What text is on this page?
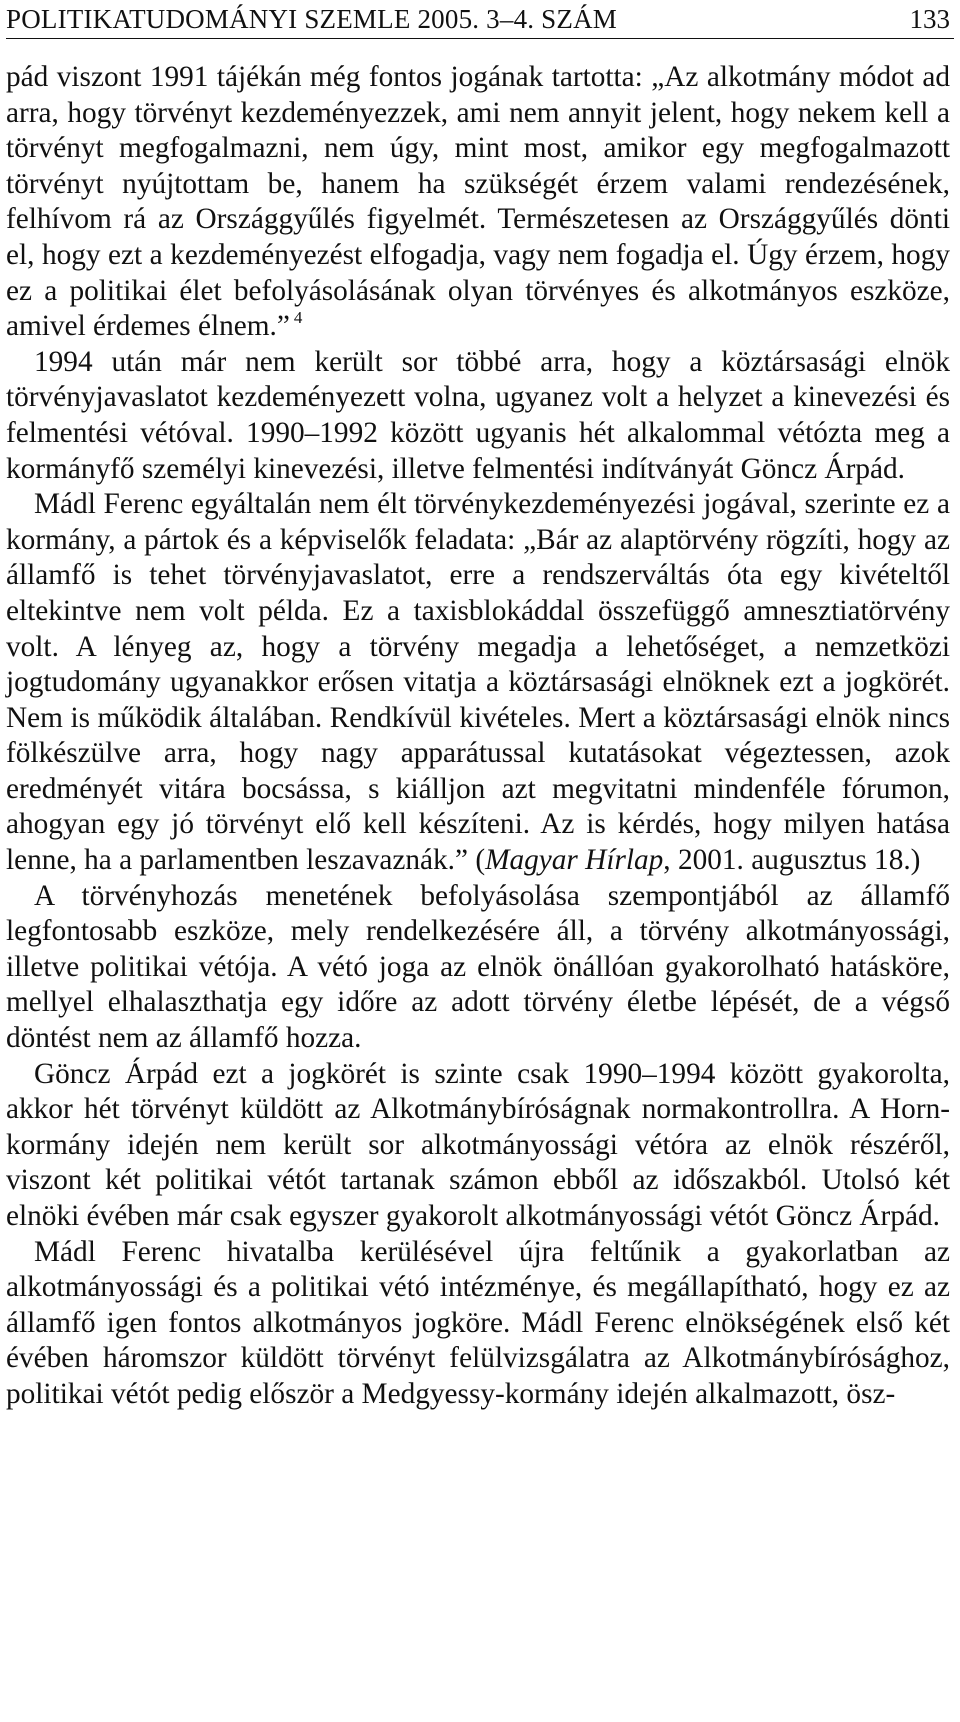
POLITIKATUDOMÁNYI SZEMLE 2005. 3–4. SZÁM	133

pád viszont 1991 tájékán még fontos jogának tartotta: „Az alkotmány módot ad arra, hogy törvényt kezdeményezzek, ami nem annyit jelent, hogy nekem kell a törvényt megfogalmazni, nem úgy, mint most, amikor egy megfogalmazott törvényt nyújtottam be, hanem ha szükségét érzem valami rendezésének, felhívom rá az Országgyűlés figyelmét. Természetesen az Országgyűlés dönti el, hogy ezt a kezdeményezést elfogadja, vagy nem fogadja el. Úgy érzem, hogy ez a politikai élet befolyásolásának olyan törvényes és alkotmányos eszköze, amivel érdemes élnem.” $^4$

1994 után már nem került sor többé arra, hogy a köztársasági elnök törvényjavaslatot kezdeményezett volna, ugyanez volt a helyzet a kinevezési és felmentési vétóval. 1990–1992 között ugyanis hét alkalommal vétózta meg a kormányfő személyi kinevezési, illetve felmentési indítványát Göncz Árpád.

Mádl Ferenc egyáltalán nem élt törvénykezdeményezési jogával, szerinte ez a kormány, a pártok és a képviselők feladata: „Bár az alaptörvény rögzíti, hogy az államfő is tehet törvényjavaslatot, erre a rendszerváltás óta egy kivételtől eltekintve nem volt példa. Ez a taxisblokáddal összefüggő amnesztiatörvény volt. A lényeg az, hogy a törvény megadja a lehetőséget, a nemzetközi jogtudomány ugyanakkor erősen vitatja a köztársasági elnöknek ezt a jogkörét. Nem is működik általában. Rendkívül kivételes. Mert a köztársasági elnök nincs fölkészülve arra, hogy nagy apparátussal kutatásokat végeztessen, azok eredményét vitára bocsássa, s kiálljon azt megvitatni mindenféle fórumon, ahogyan egy jó törvényt elő kell készíteni. Az is kérdés, hogy milyen hatása lenne, ha a parlamentben leszavaznák.” (Magyar Hírlap, 2001. augusztus 18.)

A törvényhozás menetének befolyásolása szempontjából az államfő legfontosabb eszköze, mely rendelkezésére áll, a törvény alkotmányossági, illetve politikai vétója. A vétó joga az elnök önállóan gyakorolható hatásköre, mellyel elhalaszthatja egy időre az adott törvény életbe lépését, de a végső döntést nem az államfő hozza.

Göncz Árpád ezt a jogkörét is szinte csak 1990–1994 között gyakorolta, akkor hét törvényt küldött az Alkotmánybíróságnak normakontrollra. A Horn-kormány idején nem került sor alkotmányossági vétóra az elnök részéről, viszont két politikai vétót tartanak számon ebből az időszakból. Utolsó két elnöki évében már csak egyszer gyakorolt alkotmányossági vétót Göncz Árpád.

Mádl Ferenc hivatalba kerülésével újra feltűnik a gyakorlatban az alkotmányossági és a politikai vétó intézménye, és megállapítható, hogy ez az államfő igen fontos alkotmányos jogköre. Mádl Ferenc elnökségének első két évében háromszor küldött törvényt felülvizsgálatra az Alkotmánybírósághoz, politikai vétót pedig először a Medgyessy-kormány idején alkalmazott, ösz-
